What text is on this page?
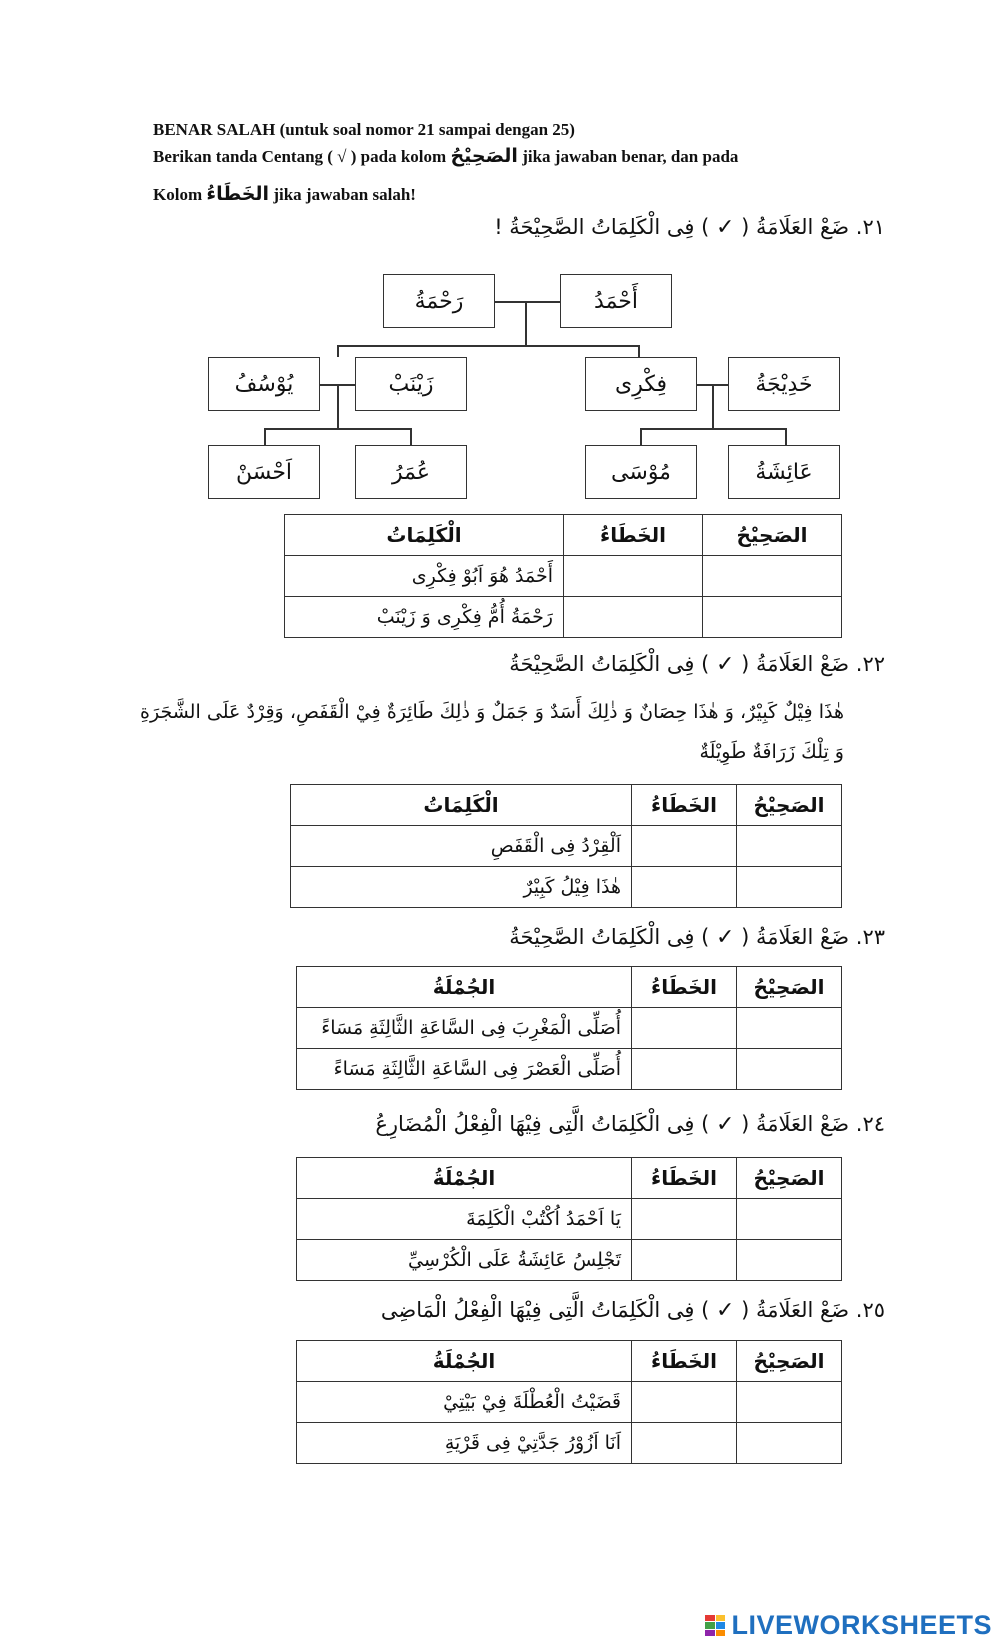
BENAR SALAH (untuk soal nomor 21 sampai dengan 25)
Berikan tanda Centang ( √ ) pada kolom الصَحِيْحُ jika jawaban benar, dan pada
Kolom الخَطَاءُ jika jawaban salah!
٢١. ضَعْ العَلَامَةُ ( ✓ ) فِى الْكَلِمَاتُ الصَّحِيْحَةُ !
رَحْمَةُ	أَحْمَدُ
يُوْسُفُ	زَيْنَبْ	فِكْرِى	خَدِيْجَةُ
اَحْسَنْ	عُمَرُ	مُوْسَى	عَائِشَةُ
الصَحِيْحُ	الخَطَاءُ	الْكَلِمَاتُ
		أَحْمَدُ هُوَ اَبُوْ فِكْرِى
		رَحْمَةُ أُمُّ فِكْرِى وَ زَيْنَبْ
٢٢. ضَعْ العَلَامَةُ ( ✓ ) فِى الْكَلِمَاتُ الصَّحِيْحَةُ
هٰذَا فِيْلٌ كَبِيْرٌ، وَ هٰذَا حِصَانٌ وَ ذٰلِكَ أَسَدٌ وَ جَمَلٌ وَ ذٰلِكَ طَائِرَةٌ فِيْ الْقَفَصِ، وَقِرْدٌ عَلَى الشَّجَرَةِ وَ تِلْكَ زَرَافَةٌ طَوِيْلَةٌ
الصَحِيْحُ	الخَطَاءُ	الْكَلِمَاتُ
		اَلْقِرْدُ فِى الْقَفَصِ
		هٰذَا فِيْلُ كَبِيْرٌ
٢٣. ضَعْ العَلَامَةُ ( ✓ ) فِى الْكَلِمَاتُ الصَّحِيْحَةُ
الصَحِيْحُ	الخَطَاءُ	الجُمْلَةُ
		أُصَلِّى الْمَغْرِبَ فِى السَّاعَةِ الثَّالِثَةِ مَسَاءً
		أُصَلِّى الْعَصْرَ فِى السَّاعَةِ الثَّالِثَةِ مَسَاءً
٢٤. ضَعْ العَلَامَةُ ( ✓ ) فِى الْكَلِمَاتُ الَّتِى فِيْهَا الْفِعْلُ الْمُضَارِعُ
الصَحِيْحُ	الخَطَاءُ	الجُمْلَةُ
		يَا اَحْمَدُ اُكْتُبْ الْكَلِمَةَ
		تَجْلِسُ عَائِشَةُ عَلَى الْكُرْسِيِّ
٢٥. ضَعْ العَلَامَةُ ( ✓ ) فِى الْكَلِمَاتُ الَّتِى فِيْهَا الْفِعْلُ الْمَاضِى
الصَحِيْحُ	الخَطَاءُ	الجُمْلَةُ
		قَضَيْتُ الْعُطْلَةَ فِيْ بَيْتِيْ
		اَنَا اَزُوْرُ جَدَّتِيْ فِى قَرْيَةِ
LIVEWORKSHEETS
